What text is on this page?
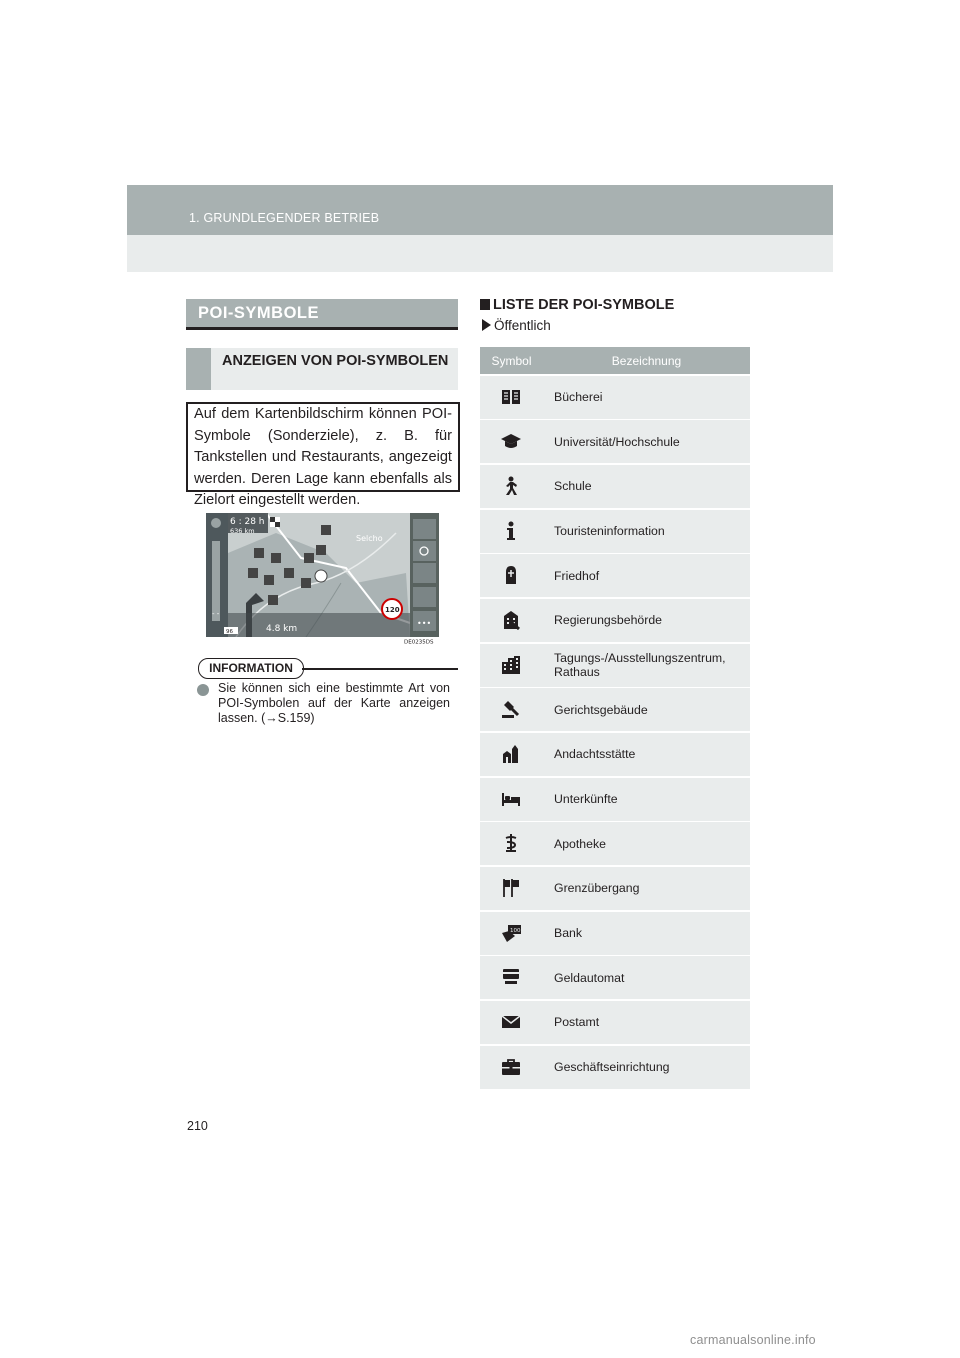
1. GRUNDLEGENDER BETRIEB
POI-SYMBOLE
ANZEIGEN VON POI-SYMBOLEN
Auf dem Kartenbildschirm können POI-Symbole (Sonderziele), z. B. für Tankstellen und Restaurants, angezeigt werden. Deren Lage kann ebenfalls als Zielort eingestellt werden.
6 : 28 h
636 km
Selcho
4.8 km
120
•••
96
- -
DE0235DS
INFORMATION
Sie können sich eine bestimmte Art von POI-Symbolen auf der Karte anzeigen lassen. (→S.159)
LISTE DER POI-SYMBOLE
Öffentlich
Symbol	Bezeichnung
Bücherei
Universität/Hochschule
Schule
Touristeninformation
Friedhof
Regierungsbehörde
Tagungs-/Ausstellungszentrum, Rathaus
Gerichtsgebäude
Andachtsstätte
Unterkünfte
Apotheke
Grenzübergang
100	Bank
Geldautomat
Postamt
Geschäftseinrichtung
210
carmanualsonline.info
